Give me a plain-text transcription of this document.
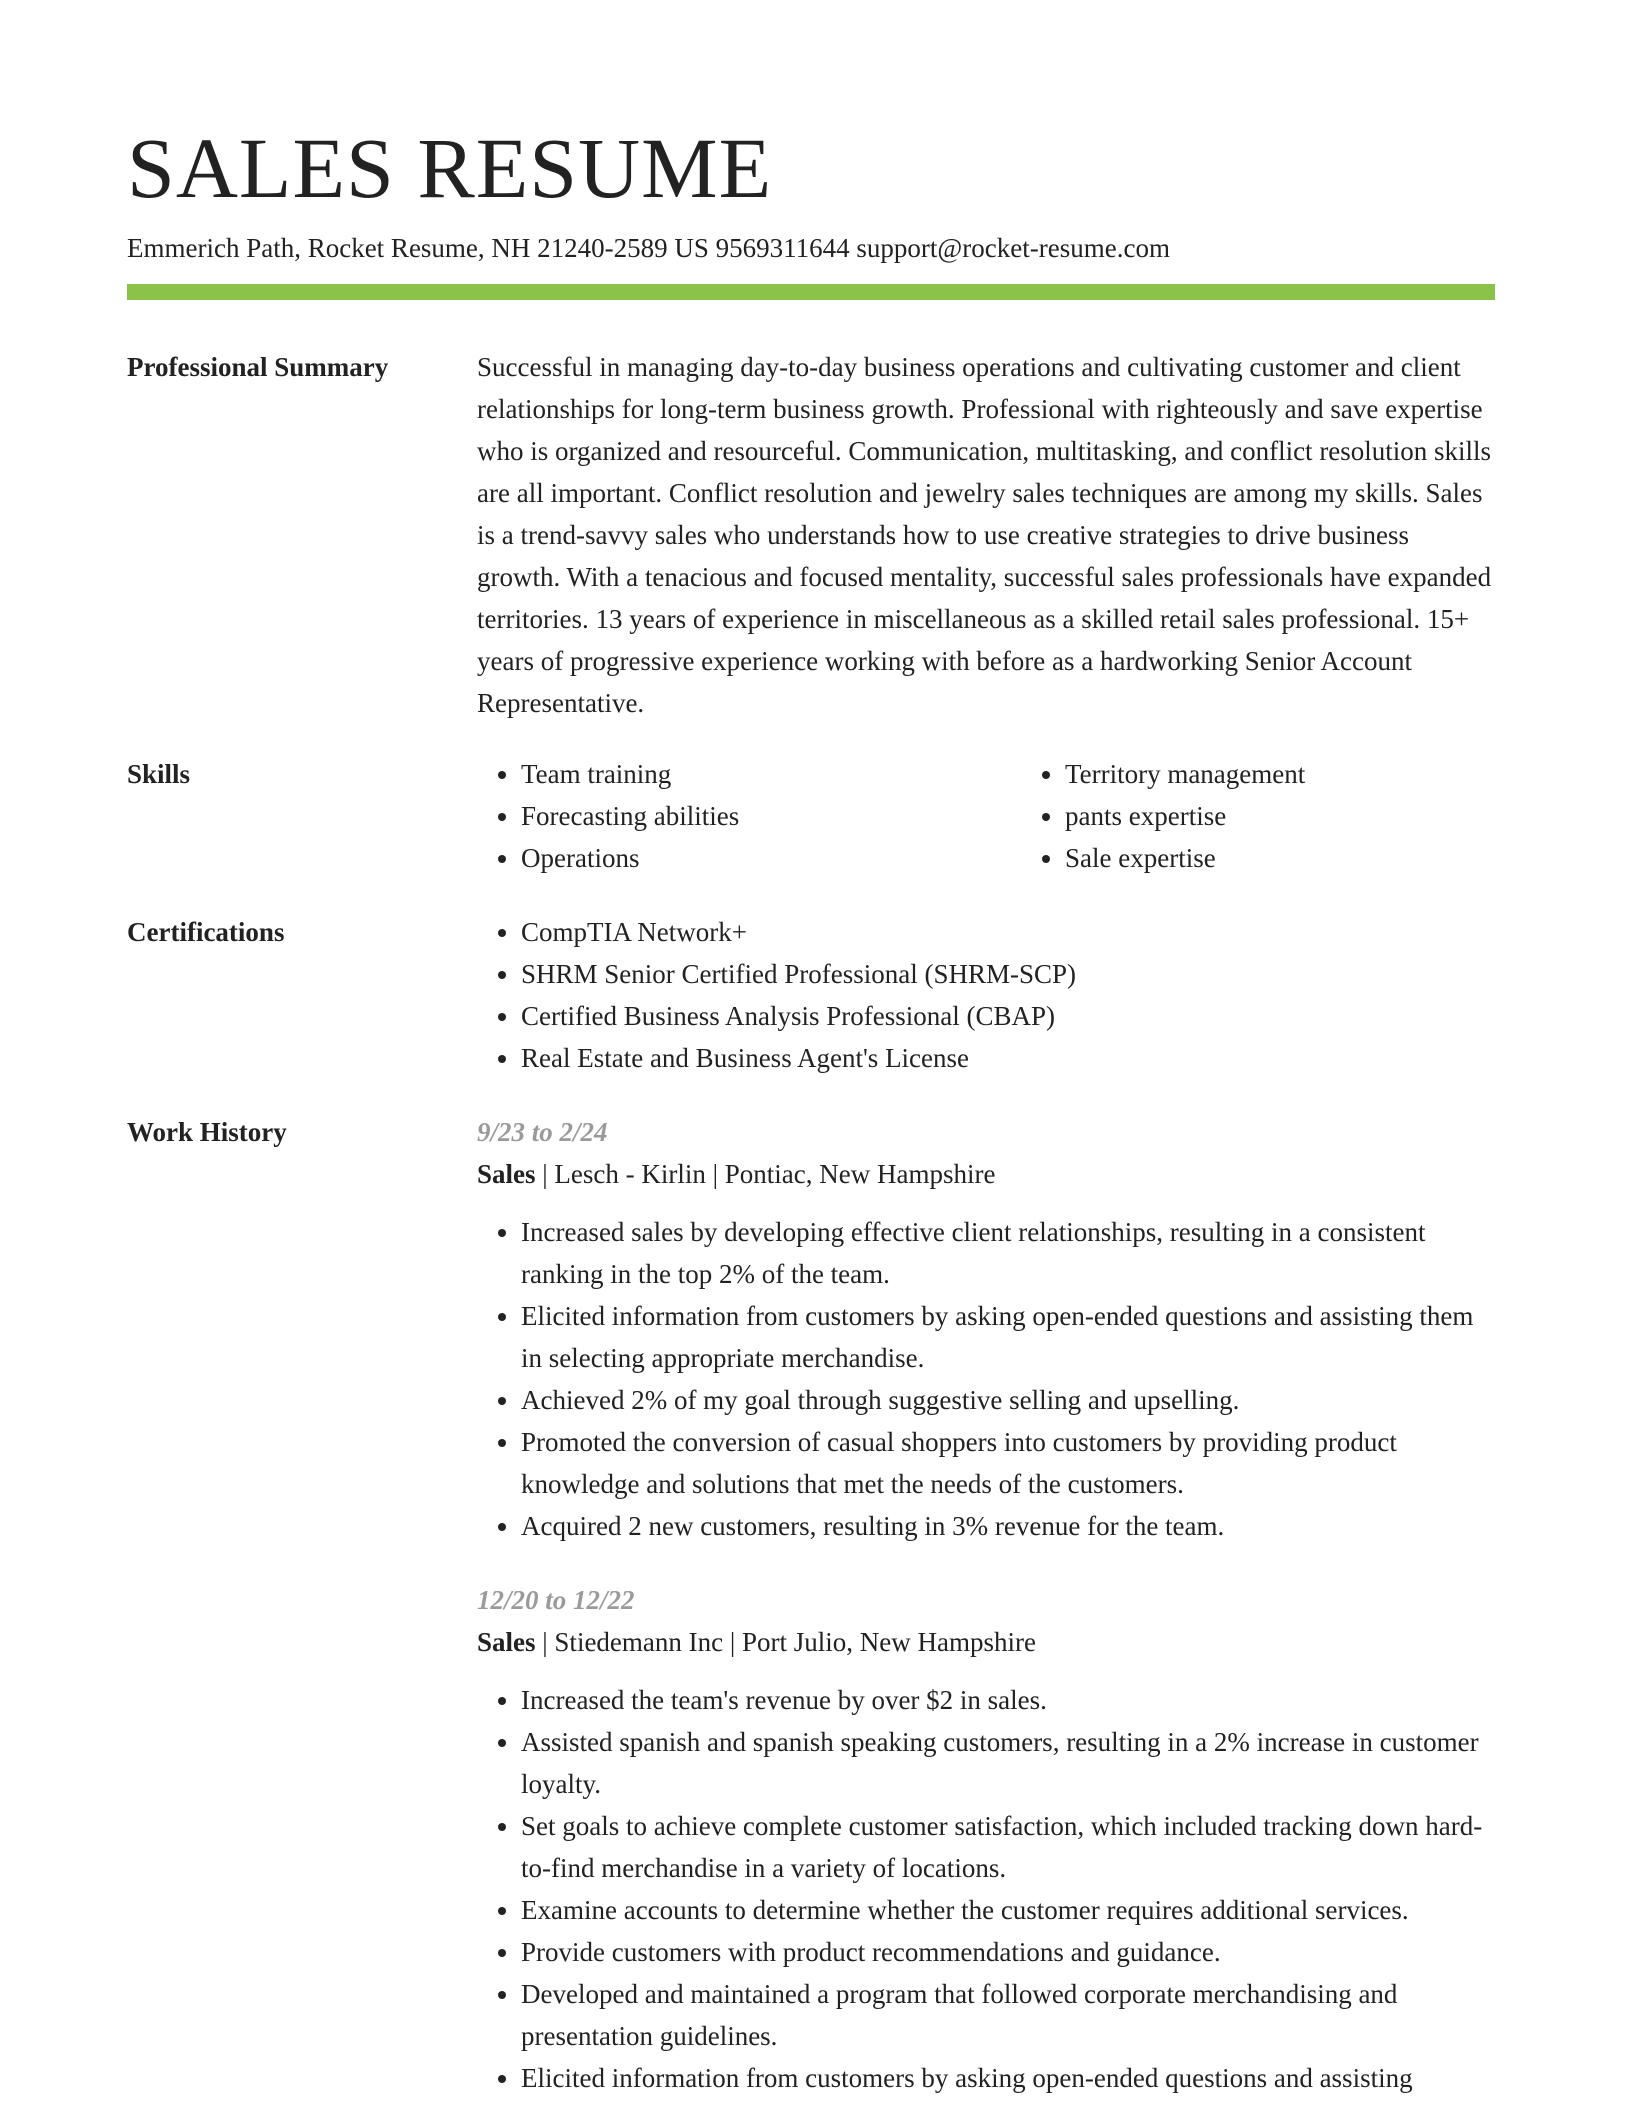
SALES RESUME
Emmerich Path, Rocket Resume, NH 21240-2589 US 9569311644 support@rocket-resume.com
Professional Summary	Successful in managing day-to-day business operations and cultivating customer and client relationships for long-term business growth. Professional with righteously and save expertise who is organized and resourceful. Communication, multitasking, and conflict resolution skills are all important. Conflict resolution and jewelry sales techniques are among my skills. Sales is a trend-savvy sales who understands how to use creative strategies to drive business growth. With a tenacious and focused mentality, successful sales professionals have expanded territories. 13 years of experience in miscellaneous as a skilled retail sales professional. 15+ years of progressive experience working with before as a hardworking Senior Account Representative.

Skills	• Team training
• Forecasting abilities
• Operations
• Territory management
• pants expertise
• Sale expertise
Certifications	• CompTIA Network+
• SHRM Senior Certified Professional (SHRM-SCP)
• Certified Business Analysis Professional (CBAP)
• Real Estate and Business Agent's License
Work History	9/23 to 2/24
Sales | Lesch - Kirlin | Pontiac, New Hampshire
• Increased sales by developing effective client relationships, resulting in a consistent ranking in the top 2% of the team.
• Elicited information from customers by asking open-ended questions and assisting them in selecting appropriate merchandise.
• Achieved 2% of my goal through suggestive selling and upselling.
• Promoted the conversion of casual shoppers into customers by providing product knowledge and solutions that met the needs of the customers.
• Acquired 2 new customers, resulting in 3% revenue for the team.
12/20 to 12/22
Sales | Stiedemann Inc | Port Julio, New Hampshire
• Increased the team's revenue by over $2 in sales.
• Assisted spanish and spanish speaking customers, resulting in a 2% increase in customer loyalty.
• Set goals to achieve complete customer satisfaction, which included tracking down hard-to-find merchandise in a variety of locations.
• Examine accounts to determine whether the customer requires additional services.
• Provide customers with product recommendations and guidance.
• Developed and maintained a program that followed corporate merchandising and presentation guidelines.
• Elicited information from customers by asking open-ended questions and assisting
